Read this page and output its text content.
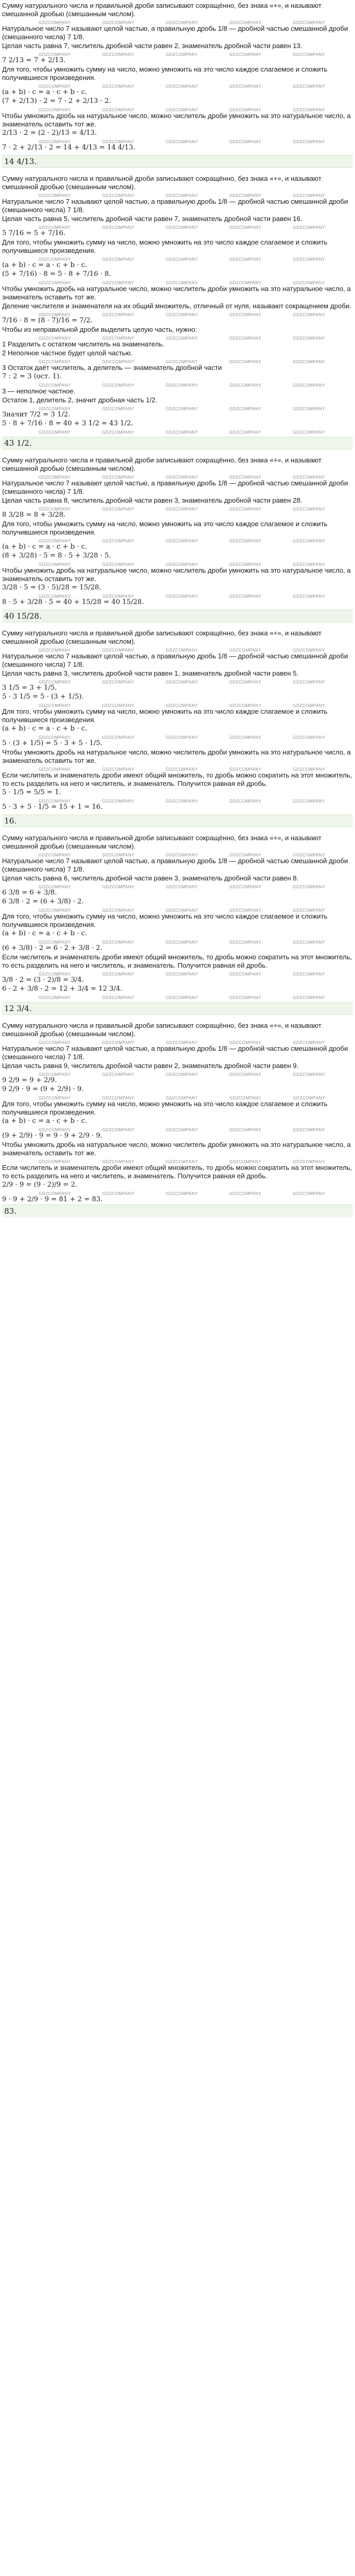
Сумму натурального числа и правильной дроби записывают сокращённо, без знака «+», и называют смешанной дробью (смешанным числом).
GDZCOMPANY	GDZCOMPANY	GDZCOMPANY	GDZCOMPANY	GDZCOMPANY
Натуральное число 7 называют целой частью, а правильную дробь 1/8 — дробной частью смешанной дроби (смешанного числа) 7 1/8.
Целая часть равна 7, числитель дробной части равен 2, знаменатель дробной части равен 13.
GDZCOMPANY	GDZCOMPANY	GDZCOMPANY	GDZCOMPANY	GDZCOMPANY
7 2/13 = 7 + 2/13.
Для того, чтобы умножить сумму на число, можно умножить на это число каждое слагаемое и сложить получившиеся произведения.
GDZCOMPANY	GDZCOMPANY	GDZCOMPANY	GDZCOMPANY	GDZCOMPANY
(a + b) · c = a · c + b · c.
(7 + 2/13) · 2 = 7 · 2 + 2/13 · 2.
GDZCOMPANY	GDZCOMPANY	GDZCOMPANY	GDZCOMPANY	GDZCOMPANY
Чтобы умножить дробь на натуральное число, можно числитель дроби умножить на это натуральное число, а знаменатель оставить тот же.
2/13 · 2 = (2 · 2)/13 = 4/13.
GDZCOMPANY	GDZCOMPANY	GDZCOMPANY	GDZCOMPANY	GDZCOMPANY
7 · 2 + 2/13 · 2 = 14 + 4/13 = 14 4/13.
14 4/13.
Сумму натурального числа и правильной дроби записывают сокращённо, без знака «+», и называют смешанной дробью (смешанным числом).
GDZCOMPANY	GDZCOMPANY	GDZCOMPANY	GDZCOMPANY	GDZCOMPANY
Натуральное число 7 называют целой частью, а правильную дробь 1/8 — дробной частью смешанной дроби (смешанного числа) 7 1/8.
Целая часть равна 5, числитель дробной части равен 7, знаменатель дробной части равен 16.
GDZCOMPANY	GDZCOMPANY	GDZCOMPANY	GDZCOMPANY	GDZCOMPANY
5 7/16 = 5 + 7/16.
Для того, чтобы умножить сумму на число, можно умножить на это число каждое слагаемое и сложить получившиеся произведения.
GDZCOMPANY	GDZCOMPANY	GDZCOMPANY	GDZCOMPANY	GDZCOMPANY
(a + b) · c = a · c + b · c.
(5 + 7/16) · 8 = 5 · 8 + 7/16 · 8.
GDZCOMPANY	GDZCOMPANY	GDZCOMPANY	GDZCOMPANY	GDZCOMPANY
Чтобы умножить дробь на натуральное число, можно числитель дроби умножить на это натуральное число, а знаменатель оставить тот же.
Деление числителя и знаменателя на их общий множитель, отличный от нуля, называют сокращением дроби.
GDZCOMPANY	GDZCOMPANY	GDZCOMPANY	GDZCOMPANY	GDZCOMPANY
7/16 · 8 = (8 · 7)/16 = 7/2.
Чтобы из неправильной дроби выделить целую часть, нужно:
GDZCOMPANY	GDZCOMPANY	GDZCOMPANY	GDZCOMPANY	GDZCOMPANY
1 Разделить с остатком числитель на знаменатель.
2 Неполное частное будет целой частью.
GDZCOMPANY	GDZCOMPANY	GDZCOMPANY	GDZCOMPANY	GDZCOMPANY
3 Остаток даёт числитель, а делитель — знаменатель дробной части
7 : 2 = 3 (ост. 1).
GDZCOMPANY	GDZCOMPANY	GDZCOMPANY	GDZCOMPANY	GDZCOMPANY
3 — неполное частное.
Остаток 1, делитель 2, значит дробная часть 1/2.
GDZCOMPANY	GDZCOMPANY	GDZCOMPANY	GDZCOMPANY	GDZCOMPANY
Значит 7/2 = 3 1/2.
5 · 8 + 7/16 · 8 = 40 + 3 1/2 = 43 1/2.
GDZCOMPANY	GDZCOMPANY	GDZCOMPANY	GDZCOMPANY	GDZCOMPANY
43 1/2.
Сумму натурального числа и правильной дроби записывают сокращённо, без знака «+», и называют смешанной дробью (смешанным числом).
GDZCOMPANY	GDZCOMPANY	GDZCOMPANY	GDZCOMPANY	GDZCOMPANY
Натуральное число 7 называют целой частью, а правильную дробь 1/8 — дробной частью смешанной дроби (смешанного числа) 7 1/8.
Целая часть равна 8, числитель дробной части равен 3, знаменатель дробной части равен 28.
GDZCOMPANY	GDZCOMPANY	GDZCOMPANY	GDZCOMPANY	GDZCOMPANY
8 3/28 = 8 + 3/28.
Для того, чтобы умножить сумму на число, можно умножить на это число каждое слагаемое и сложить получившиеся произведения.
GDZCOMPANY	GDZCOMPANY	GDZCOMPANY	GDZCOMPANY	GDZCOMPANY
(a + b) · c = a · c + b · c.
(8 + 3/28) · 5 = 8 · 5 + 3/28 · 5.
GDZCOMPANY	GDZCOMPANY	GDZCOMPANY	GDZCOMPANY	GDZCOMPANY
Чтобы умножить дробь на натуральное число, можно числитель дроби умножить на это натуральное число, а знаменатель оставить тот же.
3/28 · 5 = (3 · 5)/28 = 15/28.
GDZCOMPANY	GDZCOMPANY	GDZCOMPANY	GDZCOMPANY	GDZCOMPANY
8 · 5 + 3/28 · 5 = 40 + 15/28 = 40 15/28.
40 15/28.
Сумму натурального числа и правильной дроби записывают сокращённо, без знака «+», и называют смешанной дробью (смешанным числом).
GDZCOMPANY	GDZCOMPANY	GDZCOMPANY	GDZCOMPANY	GDZCOMPANY
Натуральное число 7 называют целой частью, а правильную дробь 1/8 — дробной частью смешанной дроби (смешанного числа) 7 1/8.
Целая часть равна 3, числитель дробной части равен 1, знаменатель дробной части равен 5.
GDZCOMPANY	GDZCOMPANY	GDZCOMPANY	GDZCOMPANY	GDZCOMPANY
3 1/5 = 3 + 1/5.
5 · 3 1/5 = 5 · (3 + 1/5).
GDZCOMPANY	GDZCOMPANY	GDZCOMPANY	GDZCOMPANY	GDZCOMPANY
Для того, чтобы умножить сумму на число, можно умножить на это число каждое слагаемое и сложить получившиеся произведения.
(a + b) · c = a · c + b · c.
GDZCOMPANY	GDZCOMPANY	GDZCOMPANY	GDZCOMPANY	GDZCOMPANY
5 · (3 + 1/5) = 5 · 3 + 5 · 1/5.
Чтобы умножить дробь на натуральное число, можно числитель дроби умножить на это натуральное число, а знаменатель оставить тот же.
GDZCOMPANY	GDZCOMPANY	GDZCOMPANY	GDZCOMPANY	GDZCOMPANY
Если числитель и знаменатель дроби имеют общий множитель, то дробь можно сократить на этот множитель, то есть разделить на него и числитель, и знаменатель. Получится равная ей дробь.
5 · 1/5 = 5/5 = 1.
GDZCOMPANY	GDZCOMPANY	GDZCOMPANY	GDZCOMPANY	GDZCOMPANY
5 · 3 + 5 · 1/5 = 15 + 1 = 16.
16.
Сумму натурального числа и правильной дроби записывают сокращённо, без знака «+», и называют смешанной дробью (смешанным числом).
GDZCOMPANY	GDZCOMPANY	GDZCOMPANY	GDZCOMPANY	GDZCOMPANY
Натуральное число 7 называют целой частью, а правильную дробь 1/8 — дробной частью смешанной дроби (смешанного числа) 7 1/8.
Целая часть равна 6, числитель дробной части равен 3, знаменатель дробной части равен 8.
GDZCOMPANY	GDZCOMPANY	GDZCOMPANY	GDZCOMPANY	GDZCOMPANY
6 3/8 = 6 + 3/8.
6 3/8 · 2 = (6 + 3/8) · 2.
GDZCOMPANY	GDZCOMPANY	GDZCOMPANY	GDZCOMPANY	GDZCOMPANY
Для того, чтобы умножить сумму на число, можно умножить на это число каждое слагаемое и сложить получившиеся произведения.
(a + b) · c = a · c + b · c.
GDZCOMPANY	GDZCOMPANY	GDZCOMPANY	GDZCOMPANY	GDZCOMPANY
(6 + 3/8) · 2 = 6 · 2 + 3/8 · 2.
Если числитель и знаменатель дроби имеют общий множитель, то дробь можно сократить на этот множитель, то есть разделить на него и числитель, и знаменатель. Получится равная ей дробь.
GDZCOMPANY	GDZCOMPANY	GDZCOMPANY	GDZCOMPANY	GDZCOMPANY
3/8 · 2 = (3 · 2)/8 = 3/4.
6 · 2 + 3/8 · 2 = 12 + 3/4 = 12 3/4.
GDZCOMPANY	GDZCOMPANY	GDZCOMPANY	GDZCOMPANY	GDZCOMPANY
12 3/4.
Сумму натурального числа и правильной дроби записывают сокращённо, без знака «+», и называют смешанной дробью (смешанным числом).
GDZCOMPANY	GDZCOMPANY	GDZCOMPANY	GDZCOMPANY	GDZCOMPANY
Натуральное число 7 называют целой частью, а правильную дробь 1/8 — дробной частью смешанной дроби (смешанного числа) 7 1/8.
Целая часть равна 9, числитель дробной части равен 2, знаменатель дробной части равен 9.
GDZCOMPANY	GDZCOMPANY	GDZCOMPANY	GDZCOMPANY	GDZCOMPANY
9 2/9 = 9 + 2/9.
9 2/9 · 9 = (9 + 2/9) · 9.
GDZCOMPANY	GDZCOMPANY	GDZCOMPANY	GDZCOMPANY	GDZCOMPANY
Для того, чтобы умножить сумму на число, можно умножить на это число каждое слагаемое и сложить получившиеся произведения.
(a + b) · c = a · c + b · c.
GDZCOMPANY	GDZCOMPANY	GDZCOMPANY	GDZCOMPANY	GDZCOMPANY
(9 + 2/9) · 9 = 9 · 9 + 2/9 · 9.
Чтобы умножить дробь на натуральное число, можно числитель дроби умножить на это натуральное число, а знаменатель оставить тот же.
GDZCOMPANY	GDZCOMPANY	GDZCOMPANY	GDZCOMPANY	GDZCOMPANY
Если числитель и знаменатель дроби имеют общий множитель, то дробь можно сократить на этот множитель, то есть разделить на него и числитель, и знаменатель. Получится равная ей дробь.
2/9 · 9 = (9 · 2)/9 = 2.
GDZCOMPANY	GDZCOMPANY	GDZCOMPANY	GDZCOMPANY	GDZCOMPANY
9 · 9 + 2/9 · 9 = 81 + 2 = 83.
83.
